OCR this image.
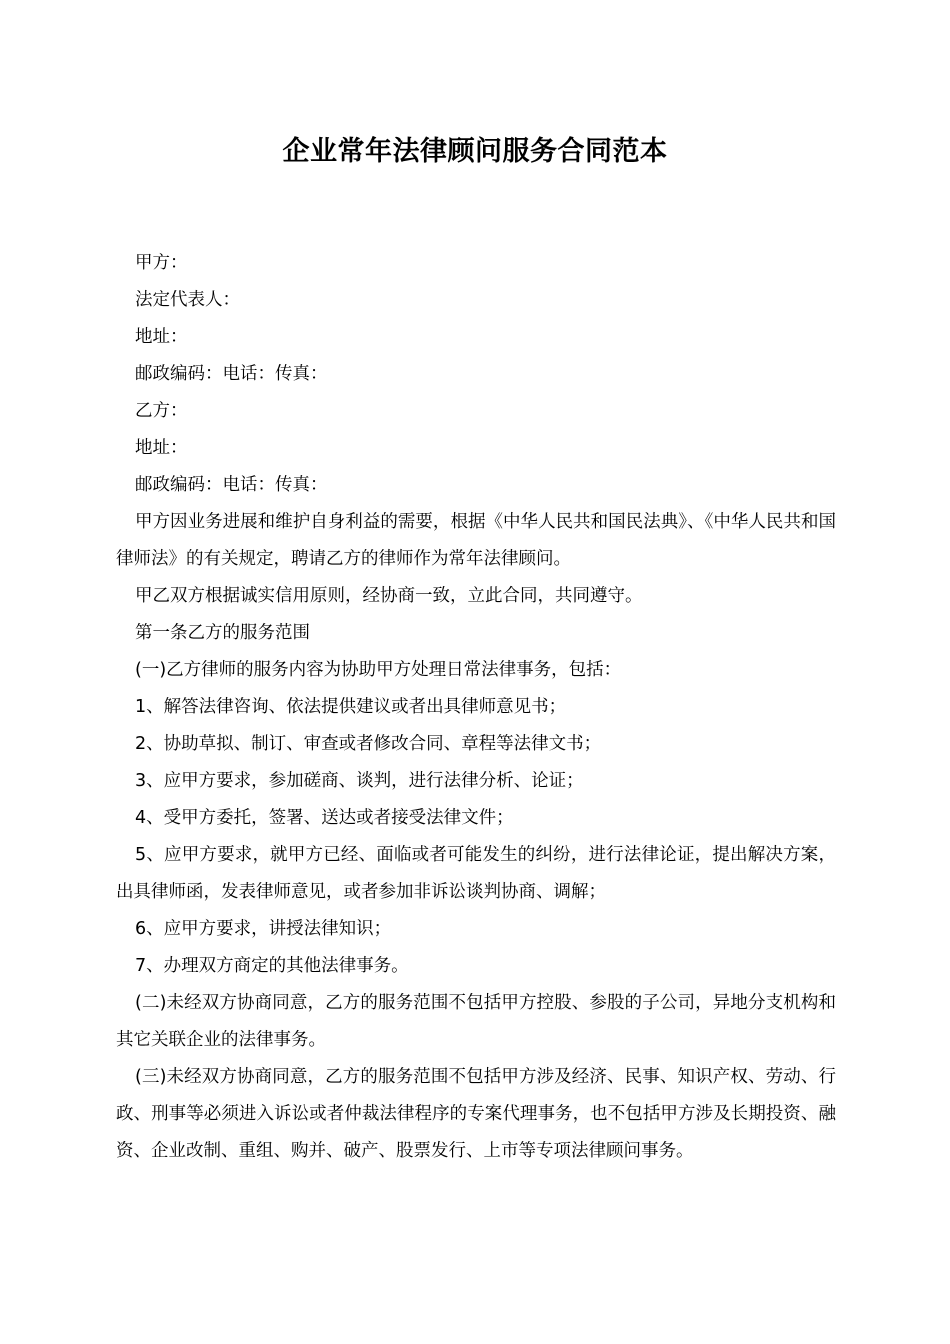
企业常年法律顾问服务合同范本

甲方：

法定代表人：

地址：

邮政编码：电话：传真：

乙方：

地址：

邮政编码：电话：传真：

甲方因业务进展和维护自身利益的需要，根据《中华人民共和国民法典》、《中华人民共和国律师法》的有关规定，聘请乙方的律师作为常年法律顾问。

甲乙双方根据诚实信用原则，经协商一致，立此合同，共同遵守。

第一条乙方的服务范围

(一)乙方律师的服务内容为协助甲方处理日常法律事务，包括：

1、解答法律咨询、依法提供建议或者出具律师意见书；

2、协助草拟、制订、审查或者修改合同、章程等法律文书；

3、应甲方要求，参加磋商、谈判，进行法律分析、论证；

4、受甲方委托，签署、送达或者接受法律文件；

5、应甲方要求，就甲方已经、面临或者可能发生的纠纷，进行法律论证，提出解决方案，出具律师函，发表律师意见，或者参加非诉讼谈判协商、调解；

6、应甲方要求，讲授法律知识；

7、办理双方商定的其他法律事务。

(二)未经双方协商同意，乙方的服务范围不包括甲方控股、参股的子公司，异地分支机构和其它关联企业的法律事务。

(三)未经双方协商同意，乙方的服务范围不包括甲方涉及经济、民事、知识产权、劳动、行政、刑事等必须进入诉讼或者仲裁法律程序的专案代理事务，也不包括甲方涉及长期投资、融资、企业改制、重组、购并、破产、股票发行、上市等专项法律顾问事务。
